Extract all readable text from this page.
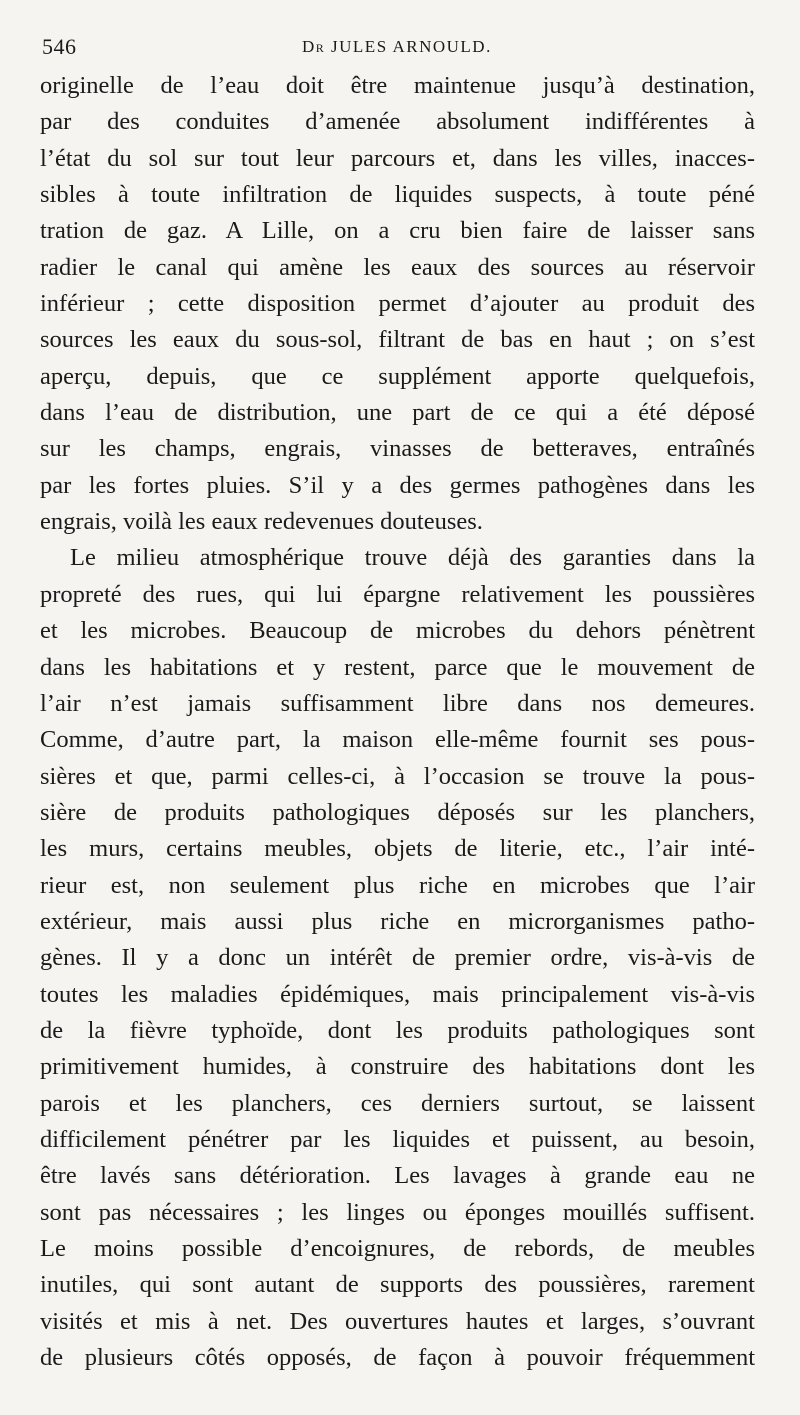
546	Dr JULES ARNOULD.
originelle de l’eau doit être maintenue jusqu’à destination,
par des conduites d’amenée absolument indifférentes à
l’état du sol sur tout leur parcours et, dans les villes, inacces-
sibles à toute infiltration de liquides suspects, à toute péné
tration de gaz. A Lille, on a cru bien faire de laisser sans
radier le canal qui amène les eaux des sources au réservoir
inférieur ; cette disposition permet d’ajouter au produit des
sources les eaux du sous-sol, filtrant de bas en haut ; on s’est
aperçu, depuis, que ce supplément apporte quelquefois,
dans l’eau de distribution, une part de ce qui a été déposé
sur les champs, engrais, vinasses de betteraves, entraînés
par les fortes pluies. S’il y a des germes pathogènes dans les
engrais, voilà les eaux redevenues douteuses.
Le milieu atmosphérique trouve déjà des garanties dans la
propreté des rues, qui lui épargne relativement les poussières
et les microbes. Beaucoup de microbes du dehors pénètrent
dans les habitations et y restent, parce que le mouvement de
l’air n’est jamais suffisamment libre dans nos demeures.
Comme, d’autre part, la maison elle-même fournit ses pous-
sières et que, parmi celles-ci, à l’occasion se trouve la pous-
sière de produits pathologiques déposés sur les planchers,
les murs, certains meubles, objets de literie, etc., l’air inté-
rieur est, non seulement plus riche en microbes que l’air
extérieur, mais aussi plus riche en microrganismes patho-
gènes. Il y a donc un intérêt de premier ordre, vis-à-vis de
toutes les maladies épidémiques, mais principalement vis-à-vis
de la fièvre typhoïde, dont les produits pathologiques sont
primitivement humides, à construire des habitations dont les
parois et les planchers, ces derniers surtout, se laissent
difficilement pénétrer par les liquides et puissent, au besoin,
être lavés sans détérioration. Les lavages à grande eau ne
sont pas nécessaires ; les linges ou éponges mouillés suffisent.
Le moins possible d’encoignures, de rebords, de meubles
inutiles, qui sont autant de supports des poussières, rarement
visités et mis à net. Des ouvertures hautes et larges, s’ouvrant
de plusieurs côtés opposés, de façon à pouvoir fréquemment
